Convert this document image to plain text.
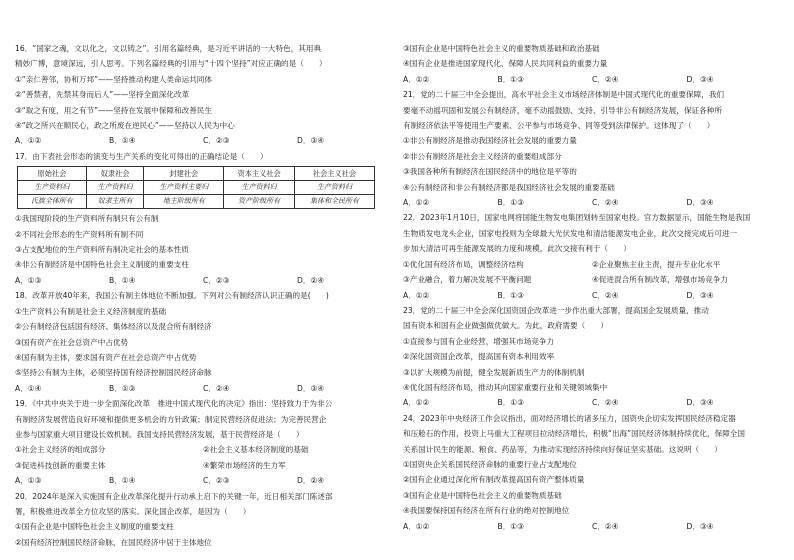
16．“国家之魂，文以化之，文以铸之”。引用名篇经典，是习近平讲话的一大特色，其用典
精妙广博，意境深远，引人思考。下列名篇经典的引用与“十四个坚持”对应正确的是（　　）
①“亲仁善邻，协和万邦”——坚持推动构建人类命运共同体
②“善禁者，先禁其身而后人”——坚持全面深化改革
③“取之有度，用之有节”——坚持在发展中保障和改善民生
④“政之所兴在顺民心，政之所废在逆民心”——坚持以人民为中心
A．①②	B．①④	C．②③	D．③④
17．由下表社会形态的演变与生产关系的变化可得出的正确结论是（　　）
原始社会	奴隶社会	封建社会	资本主义社会	社会主义社会
生产资料归	生产资料归	生产资料主要归	生产资料归	生产资料归
氏族全体所有	奴隶主所有	地主阶级所有	资产阶级所有	集体和全民所有
①我国现阶段的生产资料所有制只有公有制
②不同社会形态的生产资料所有制不同
③占支配地位的生产资料所有制决定社会的基本性质
④非公有制经济是中国特色社会主义制度的重要支柱
A．①③	B．①④	C．②③	D．②④
18．改革开放40年来，我国公有制主体地位不断加强。下列对公有制经济认识正确的是(　　)
①生产资料公有制是社会主义经济制度的基础
②公有制经济包括国有经济、集体经济以及混合所有制经济
③国有资产在社会总资产中占优势
④国有制为主体，要求国有资产在社会总资产中占优势
⑤坚持公有制为主体，必须坚持国有经济控制国民经济命脉
A．①④	B．①③	C．②④	D．③④
19．《中共中央关于进一步全面深化改革　推进中国式现代化的决定》指出：坚持致力于为非公
有制经济发展营造良好环境和提供更多机会的方针政策；制定民营经济促进法；为完善民营企
业参与国家重大项目建设长效机制。我国支持民营经济发展，基于民营经济是（　　）
①社会主义经济的组成部分	②社会主义基本经济制度的基础
③促进科技创新的重要主体	④繁荣市场经济的生力军
A．①③	B．①④	C．②③	D．②④
20．2024年是深入实施国有企业改革深化提升行动承上启下的关键一年，近日相关部门陈述部
署，积极推进改革全方位攻坚的落实。深化国企改革，是因为（　　）
①国有企业是中国特色社会主义制度的重要支柱
②国有经济控制国民经济命脉，在国民经济中居于主体地位
③国有企业是中国特色社会主义的重要物质基础和政治基础
④国有企业是推进国家现代化、保障人民共同利益的重要力量
A．①②	B．①③	C．②④	D．③④
21．党的二十届三中全会提出，高水平社会主义市场经济体制是中国式现代化的重要保障，我们
要毫不动摇巩固和发展公有制经济，毫不动摇鼓励、支持、引导非公有制经济发展，保证各种所
有制经济依法平等使用生产要素、公平参与市场竞争、同等受到法律保护。这体现了（　　）
①非公有制经济是推动我国经济社会发展的重要力量
②非公有制经济是社会主义经济的重要组成部分
③我国各种所有制经济在国民经济中的地位是平等的
④公有制经济和非公有制经济都是我国经济社会发展的重要基础
A．①②	B．①③	C．②④	D．③④
22．2023年1月10日，国家电网将国能生物发电集团划转至国家电投。官方数据显示，国能生物是我国
生物质发电龙头企业，国家电投则为全球最大光伏发电和清洁能源发电企业，此次交接完成后可进一
步加大清洁可再生能源发展的力度和规模。此次交接有利于（　　）
①优化国有经济布局，调整经济结构	②企业聚焦主业主责，提升专业化水平
③产业融合，着力解决发展不平衡问题	④促进混合所有制改革，增强市场竞争力
A．①②	B．①③	C．②④	D．③④
23．党的二十届三中全会深化国资国企改革进一步作出重大部署，提高国企发展质量，推动
国有资本和国有企业做强做优做大。为此，政府需要（　　）
①直接参与国有企业经营，增强其市场竞争力
②深化国资国企改革，提高国有资本利用效率
③以扩大规模为前提，健全发展新质生产力的体制机制
④优化国有经济布局，推动其向国家重要行业和关键领域集中
A．①②	B．①③	C．②④	D．③④
24．2023年中央经济工作会议指出，面对经济增长的诸多压力，国资央企切实发挥国民经济稳定器
和压舱石的作用，投资上马重大工程项目拉动经济增长，积极“出海”国民经济体制持续优化，保障全国
关系国计民生的能源、粮食、药品等，为推动实现经济持续向好保证坚实基础。这说明（　　）
①国资央企关系国民经济命脉的重要行业占支配地位
②国有企业通过深化所有制改革提高国有资产整体质量
③国有企业是中国特色社会主义的重要物质基础
④我国要保持国有经济在所有行业的绝对控制地位
A．①②	B．①③	C．②④	D．③④
